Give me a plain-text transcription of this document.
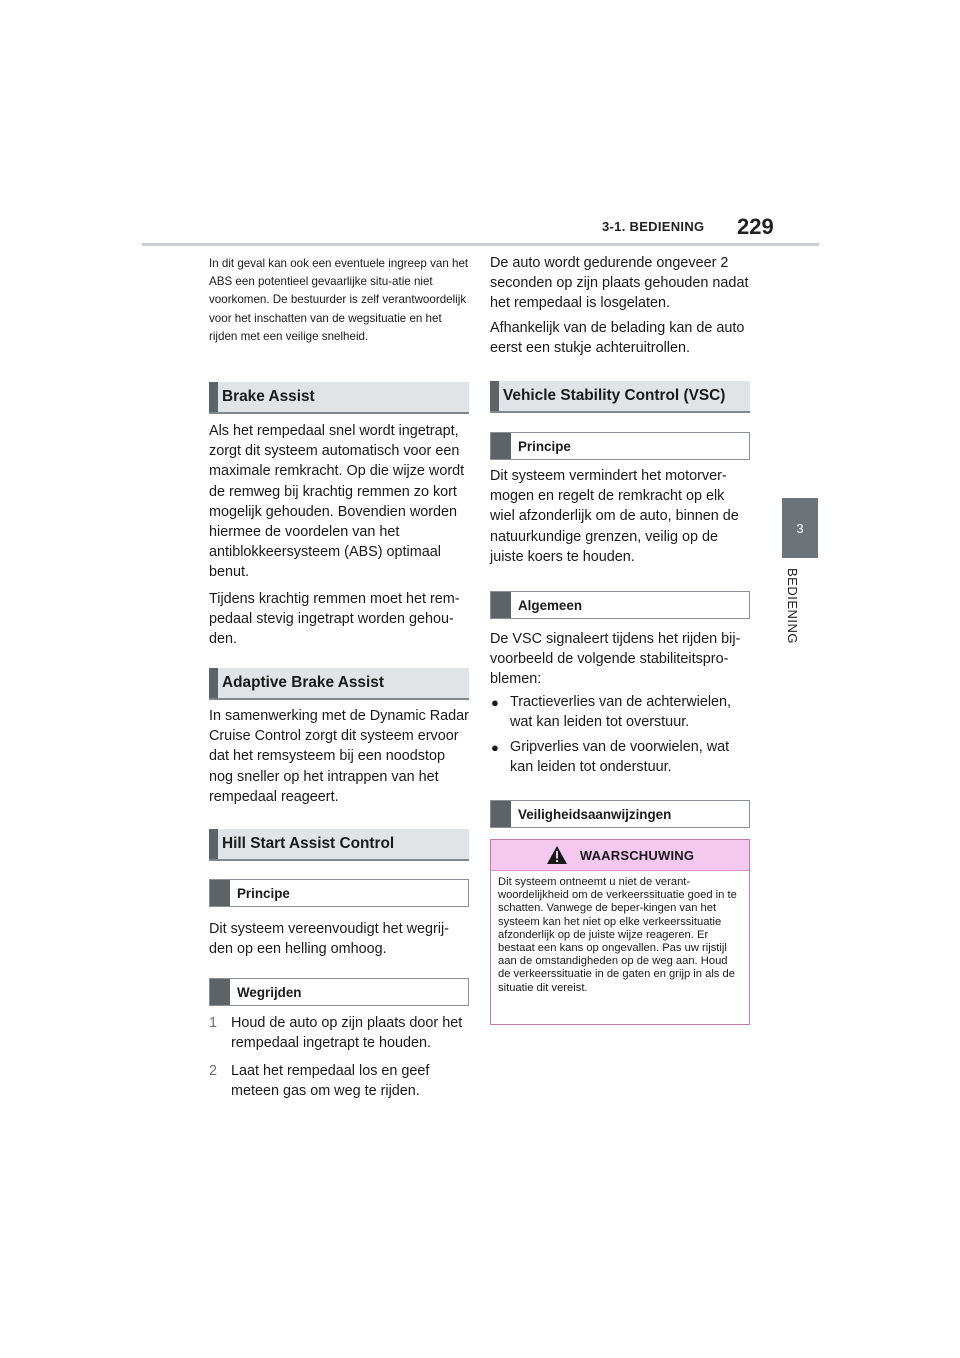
3-1. BEDIENING 229
3
BEDIENING

In dit geval kan ook een eventuele ingreep van het ABS een potentieel gevaarlijke situ-atie niet voorkomen. De bestuurder is zelf verantwoordelijk voor het inschatten van de wegsituatie en het rijden met een veilige snelheid.

Brake Assist

Als het rempedaal snel wordt ingetrapt, zorgt dit systeem automatisch voor een maximale remkracht. Op die wijze wordt de remweg bij krachtig remmen zo kort mogelijk gehouden. Bovendien worden hiermee de voordelen van het antiblokkeersysteem (ABS) optimaal benut.

Tijdens krachtig remmen moet het rem-pedaal stevig ingetrapt worden gehou-den.

Adaptive Brake Assist

In samenwerking met de Dynamic Radar Cruise Control zorgt dit systeem ervoor dat het remsysteem bij een noodstop nog sneller op het intrappen van het rempedaal reageert.

Hill Start Assist Control
Principe

Dit systeem vereenvoudigt het wegrij-den op een helling omhoog.

Wegrijden
1 Houd de auto op zijn plaats door het rempedaal ingetrapt te houden.
2 Laat het rempedaal los en geef meteen gas om weg te rijden.

De auto wordt gedurende ongeveer 2 seconden op zijn plaats gehouden nadat het rempedaal is losgelaten.

Afhankelijk van de belading kan de auto eerst een stukje achteruitrollen.

Vehicle Stability Control (VSC)
Principe

Dit systeem vermindert het motorver-mogen en regelt de remkracht op elk wiel afzonderlijk om de auto, binnen de natuurkundige grenzen, veilig op de juiste koers te houden.

Algemeen

De VSC signaleert tijdens het rijden bij-voorbeeld de volgende stabiliteitspro-blemen:

● Tractieverlies van de achterwielen, wat kan leiden tot overstuur.
● Gripverlies van de voorwielen, wat kan leiden tot onderstuur.
Veiligheidsaanwijzingen
WAARSCHUWING
Dit systeem ontneemt u niet de verant-woordelijkheid om de verkeerssituatie goed in te schatten. Vanwege de beper-kingen van het systeem kan het niet op elke verkeerssituatie afzonderlijk op de juiste wijze reageren. Er bestaat een kans op ongevallen. Pas uw rijstijl aan de omstandigheden op de weg aan. Houd de verkeerssituatie in de gaten en grijp in als de situatie dit vereist.
